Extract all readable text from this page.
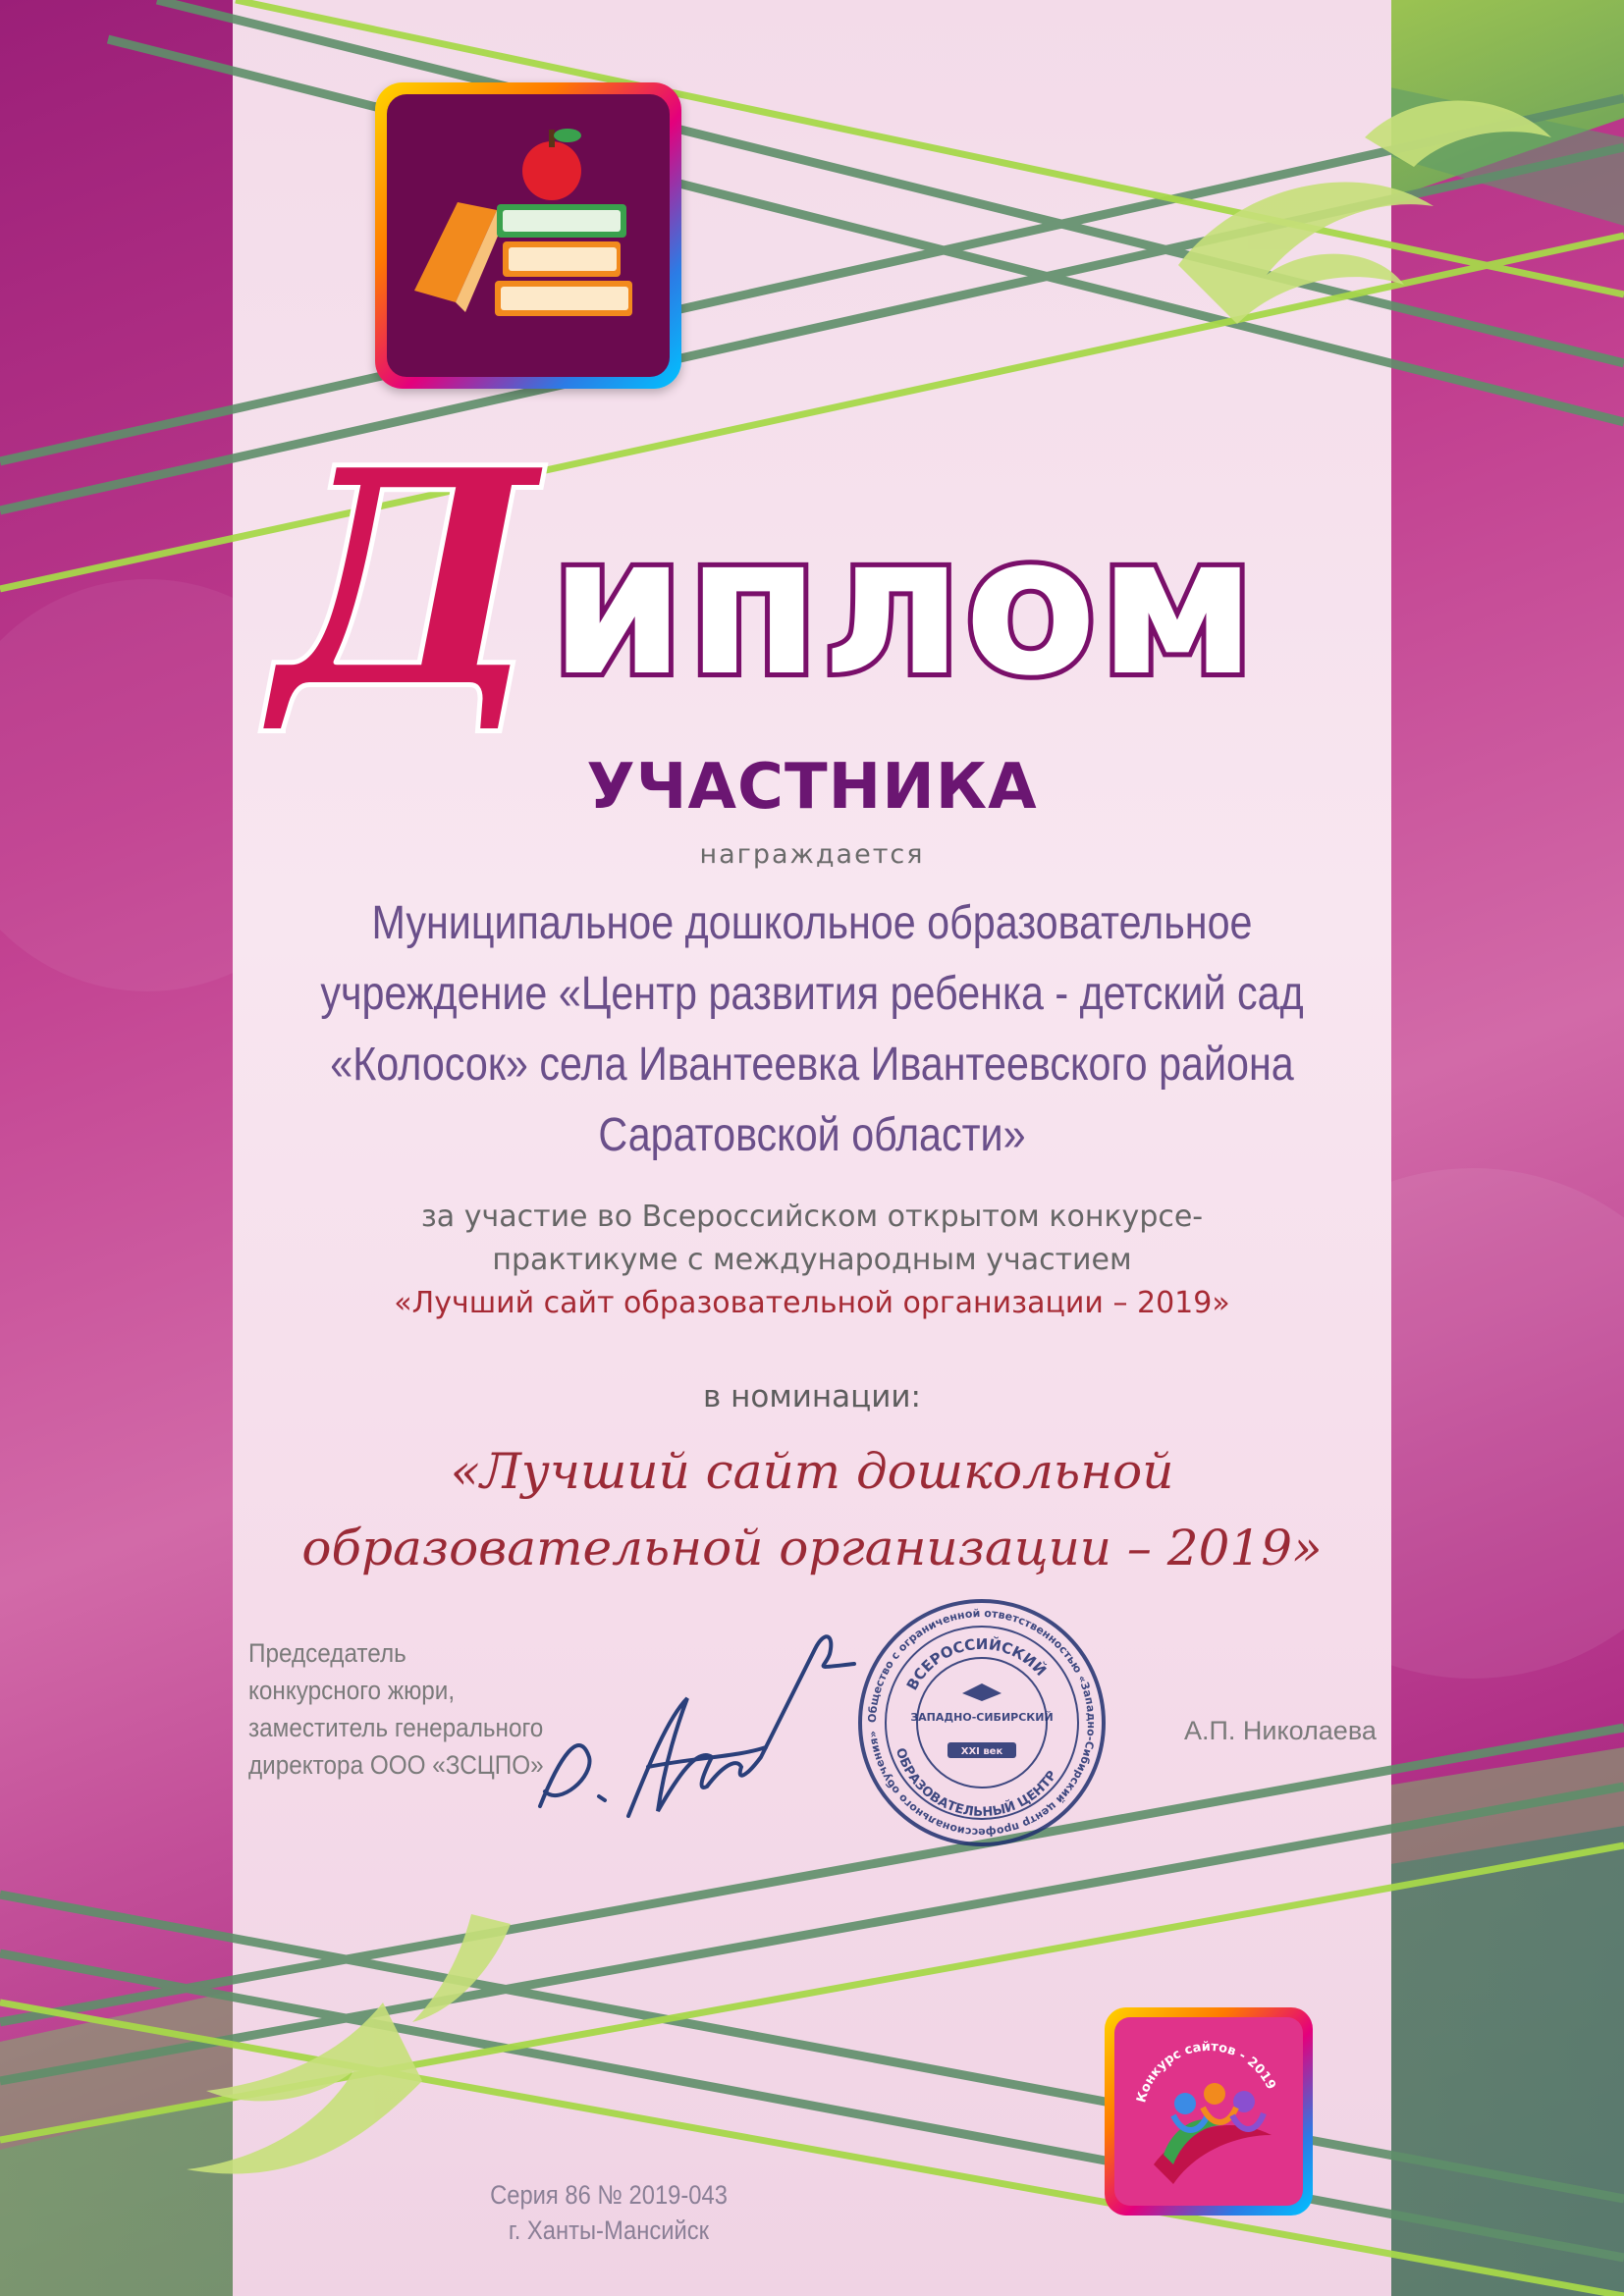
Д иплом
УЧАСТНИКА
награждается
Муниципальное дошкольное образовательное
учреждение «Центр развития ребенка - детский сад
«Колосок» села Ивантеевка Ивантеевского района
Саратовской области»
за участие во Всероссийском открытом конкурсе-
практикуме с международным участием
«Лучший сайт образовательной организации – 2019»
в номинации:
«Лучший сайт дошкольной
образовательной организации – 2019»
Председатель
конкурсного жюри,
заместитель генерального
директора ООО «ЗСЦПО»
Общество с ограниченной ответственностью «Западно-Сибирский центр профессионального обучения»
ВСЕРОССИЙСКИЙ
ОБРАЗОВАТЕЛЬНЫЙ ЦЕНТР
ЗАПАДНО-СИБИРСКИЙ
XXI век
А.П. Николаева
Серия 86 № 2019-043
г. Ханты-Мансийск
Конкурс сайтов - 2019
